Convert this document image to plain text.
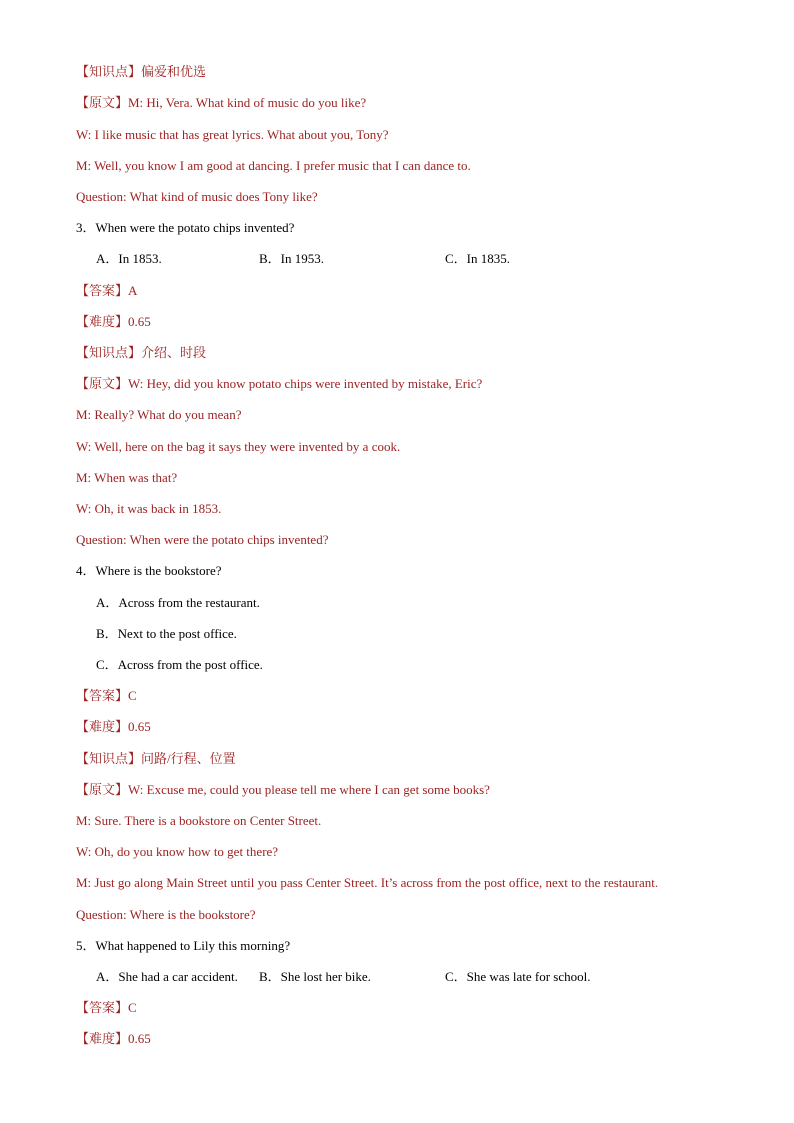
【知识点】偏爱和优选
【原文】M: Hi, Vera. What kind of music do you like?
W: I like music that has great lyrics. What about you, Tony?
M: Well, you know I am good at dancing. I prefer music that I can dance to.
Question: What kind of music does Tony like?
3．When were the potato chips invented?
A．In 1853.	B．In 1953.	C．In 1835.
【答案】A
【难度】0.65
【知识点】介绍、时段
【原文】W: Hey, did you know potato chips were invented by mistake, Eric?
M: Really? What do you mean?
W: Well, here on the bag it says they were invented by a cook.
M: When was that?
W: Oh, it was back in 1853.
Question: When were the potato chips invented?
4．Where is the bookstore?
A．Across from the restaurant.
B．Next to the post office.
C．Across from the post office.
【答案】C
【难度】0.65
【知识点】问路/行程、位置
【原文】W: Excuse me, could you please tell me where I can get some books?
M: Sure. There is a bookstore on Center Street.
W: Oh, do you know how to get there?
M: Just go along Main Street until you pass Center Street. It’s across from the post office, next to the restaurant.
Question: Where is the bookstore?
5．What happened to Lily this morning?
A．She had a car accident. B．She lost her bike.	C．She was late for school.
【答案】C
【难度】0.65
